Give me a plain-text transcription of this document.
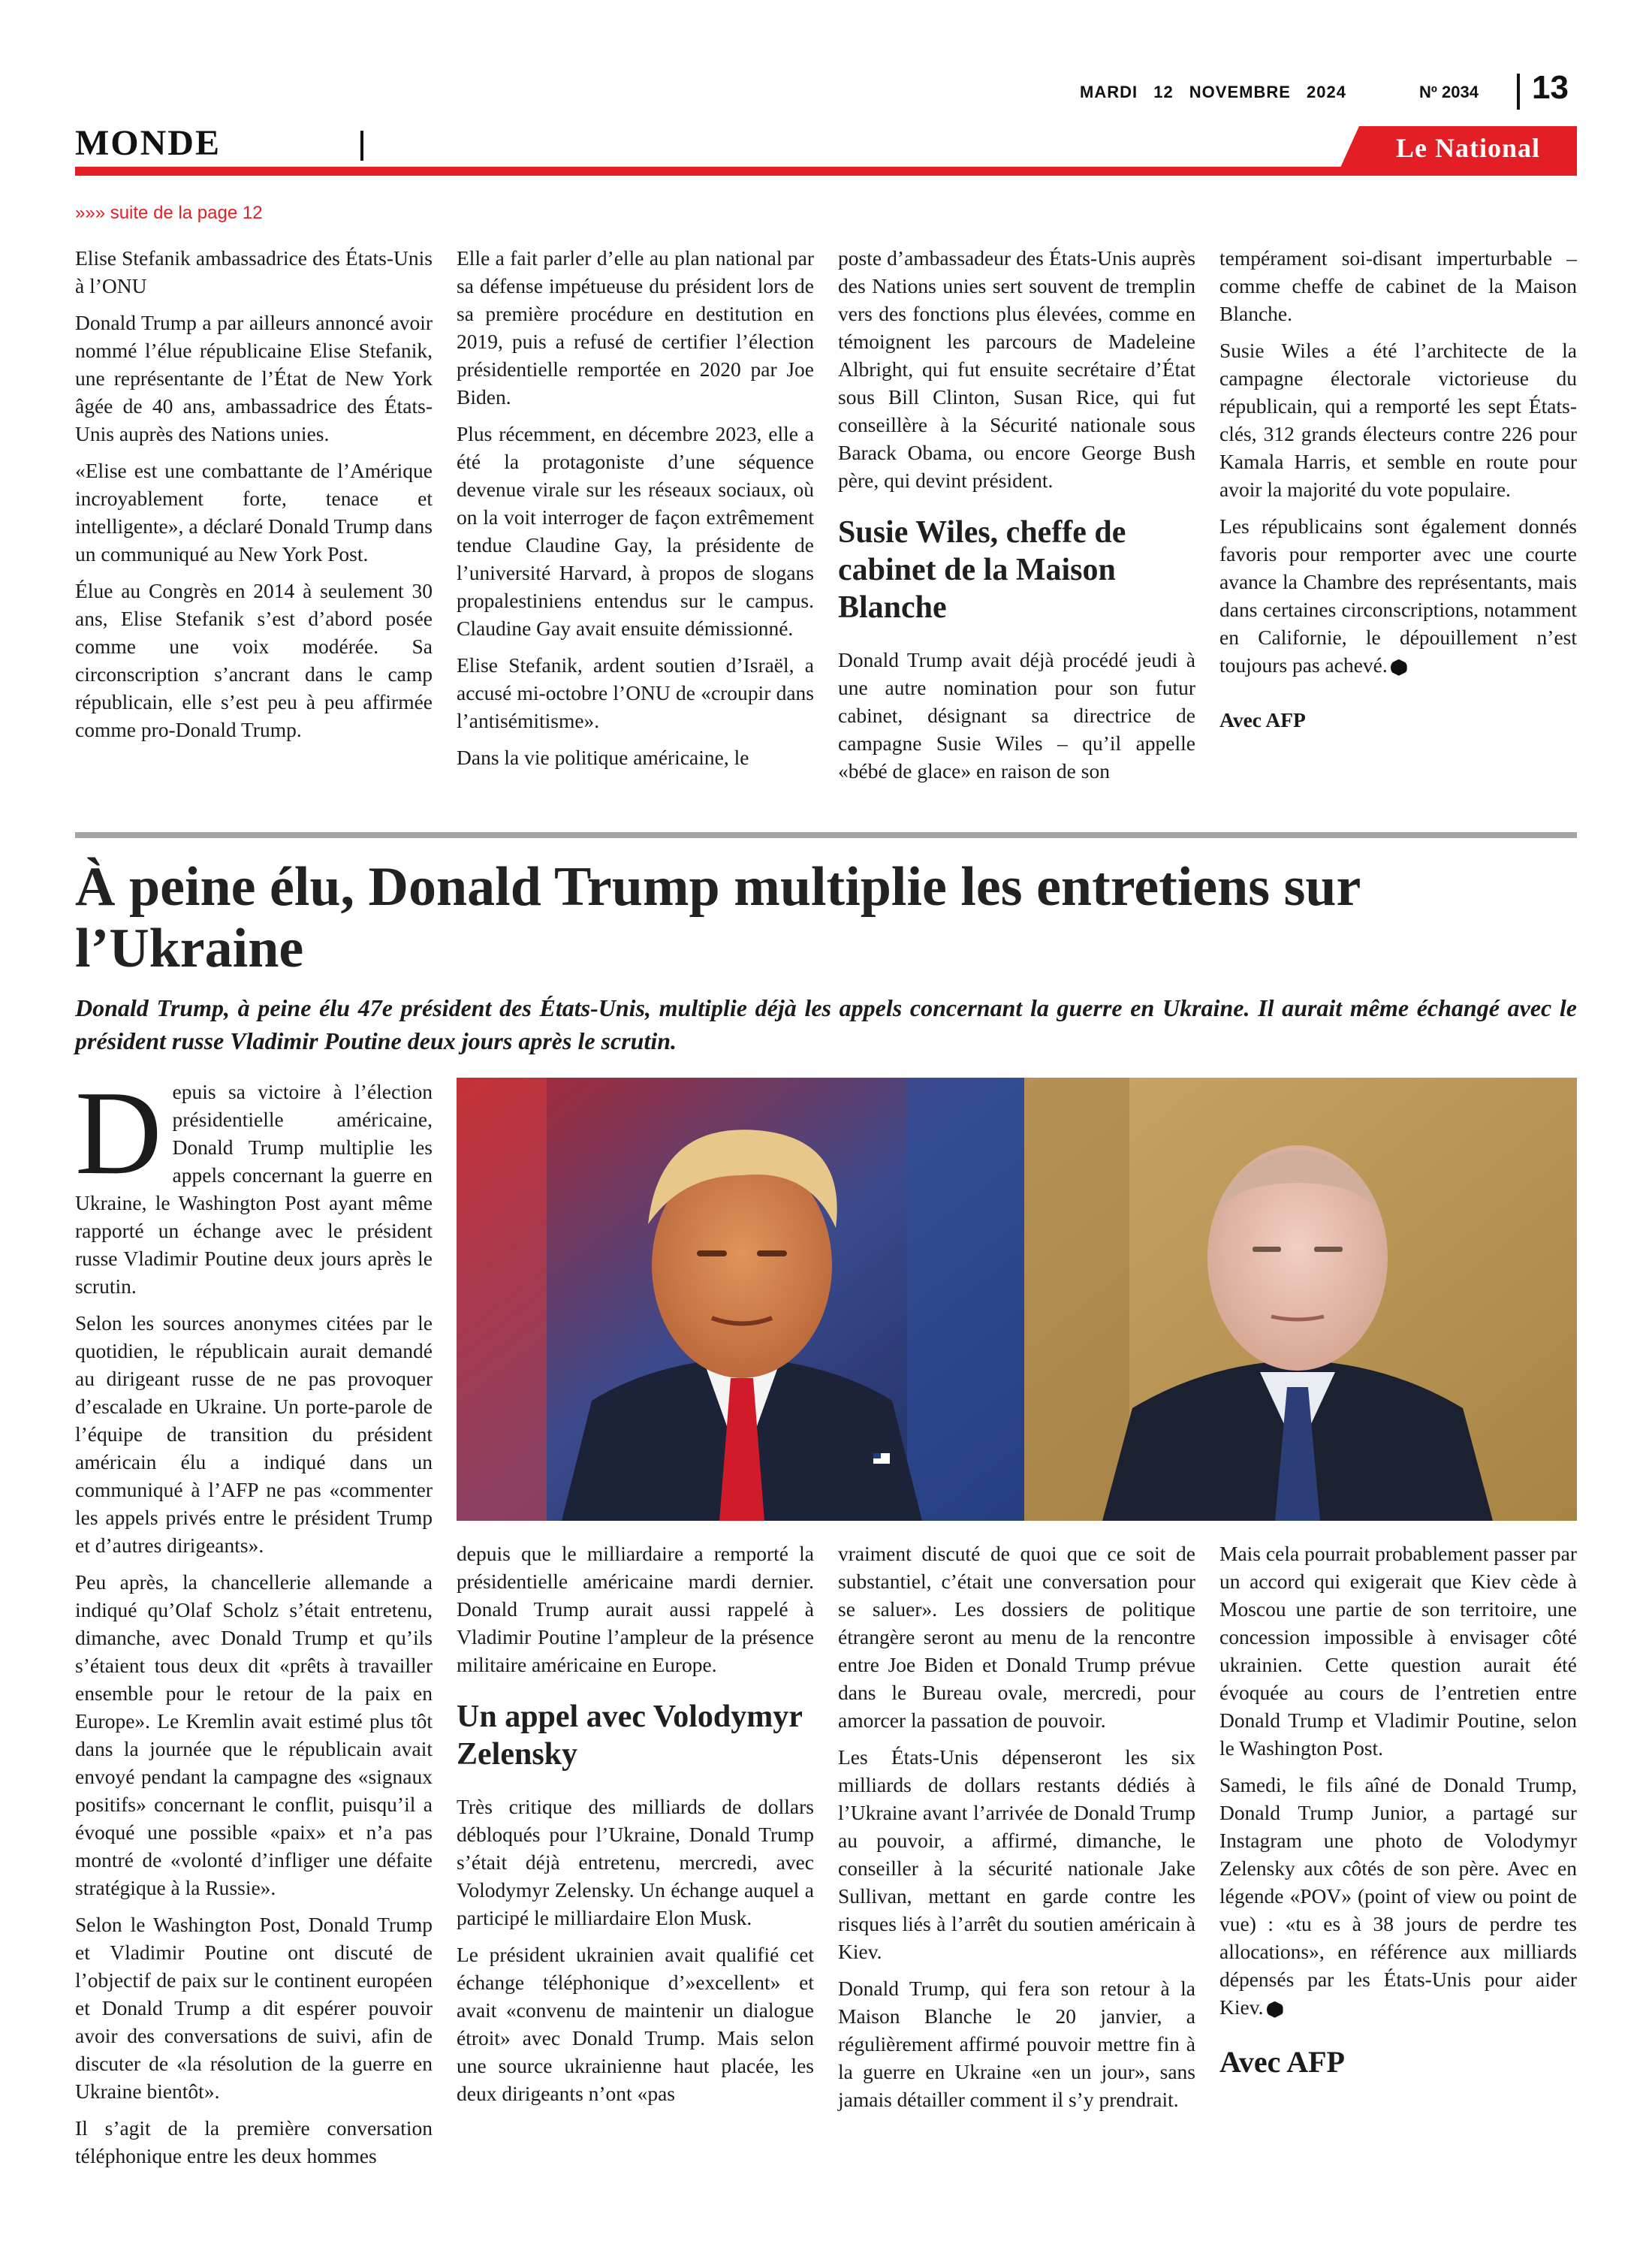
MARDI 12 NOVEMBRE 2024	Nº 2034 13
MONDE	Le National
»»» suite de la page 12

Elise Stefanik ambassadrice des États-Unis à l’ONU

Donald Trump a par ailleurs annoncé avoir nommé l’élue républicaine Elise Stefanik, une représentante de l’État de New York âgée de 40 ans, ambassadrice des États-Unis auprès des Nations unies.

«Elise est une combattante de l’Amérique incroyablement forte, tenace et intelligente», a déclaré Donald Trump dans un communiqué au New York Post.

Élue au Congrès en 2014 à seulement 30 ans, Elise Stefanik s’est d’abord posée comme une voix modérée. Sa circonscription s’ancrant dans le camp républicain, elle s’est peu à peu affirmée comme pro-Donald Trump.

Elle a fait parler d’elle au plan national par sa défense impétueuse du président lors de sa première procédure en destitution en 2019, puis a refusé de certifier l’élection présidentielle remportée en 2020 par Joe Biden.

Plus récemment, en décembre 2023, elle a été la protagoniste d’une séquence devenue virale sur les réseaux sociaux, où on la voit interroger de façon extrêmement tendue Claudine Gay, la présidente de l’université Harvard, à propos de slogans propalestiniens entendus sur le campus. Claudine Gay avait ensuite démissionné.

Elise Stefanik, ardent soutien d’Israël, a accusé mi-octobre l’ONU de «croupir dans l’antisémitisme».

Dans la vie politique américaine, le

poste d’ambassadeur des États-Unis auprès des Nations unies sert souvent de tremplin vers des fonctions plus élevées, comme en témoignent les parcours de Madeleine Albright, qui fut ensuite secrétaire d’État sous Bill Clinton, Susan Rice, qui fut conseillère à la Sécurité nationale sous Barack Obama, ou encore George Bush père, qui devint président.

Susie Wiles, cheffe de cabinet de la Maison Blanche

Donald Trump avait déjà procédé jeudi à une autre nomination pour son futur cabinet, désignant sa directrice de campagne Susie Wiles – qu’il appelle «bébé de glace» en raison de son

tempérament soi-disant imperturbable – comme cheffe de cabinet de la Maison Blanche.

Susie Wiles a été l’architecte de la campagne électorale victorieuse du républicain, qui a remporté les sept États-clés, 312 grands électeurs contre 226 pour Kamala Harris, et semble en route pour avoir la majorité du vote populaire.

Les républicains sont également donnés favoris pour remporter avec une courte avance la Chambre des représentants, mais dans certaines circonscriptions, notamment en Californie, le dépouillement n’est toujours pas achevé.

Avec AFP

À peine élu, Donald Trump multiplie les entretiens sur l’Ukraine

Donald Trump, à peine élu 47e président des États-Unis, multiplie déjà les appels concernant la guerre en Ukraine. Il aurait même échangé avec le président russe Vladimir Poutine deux jours après le scrutin.

Depuis sa victoire à l’élection présidentielle américaine, Donald Trump multiplie les appels concernant la guerre en Ukraine, le Washington Post ayant même rapporté un échange avec le président russe Vladimir Poutine deux jours après le scrutin.

Selon les sources anonymes citées par le quotidien, le républicain aurait demandé au dirigeant russe de ne pas provoquer d’escalade en Ukraine. Un porte-parole de l’équipe de transition du président américain élu a indiqué dans un communiqué à l’AFP ne pas «commenter les appels privés entre le président Trump et d’autres dirigeants».

Peu après, la chancellerie allemande a indiqué qu’Olaf Scholz s’était entretenu, dimanche, avec Donald Trump et qu’ils s’étaient tous deux dit «prêts à travailler ensemble pour le retour de la paix en Europe». Le Kremlin avait estimé plus tôt dans la journée que le républicain avait envoyé pendant la campagne des «signaux positifs» concernant le conflit, puisqu’il a évoqué une possible «paix» et n’a pas montré de «volonté d’infliger une défaite stratégique à la Russie».

Selon le Washington Post, Donald Trump et Vladimir Poutine ont discuté de l’objectif de paix sur le continent européen et Donald Trump a dit espérer pouvoir avoir des conversations de suivi, afin de discuter de «la résolution de la guerre en Ukraine bientôt».

Il s’agit de la première conversation téléphonique entre les deux hommes

depuis que le milliardaire a remporté la présidentielle américaine mardi dernier. Donald Trump aurait aussi rappelé à Vladimir Poutine l’ampleur de la présence militaire américaine en Europe.

Un appel avec Volodymyr Zelensky

Très critique des milliards de dollars débloqués pour l’Ukraine, Donald Trump s’était déjà entretenu, mercredi, avec Volodymyr Zelensky. Un échange auquel a participé le milliardaire Elon Musk.

Le président ukrainien avait qualifié cet échange téléphonique d’»excellent» et avait «convenu de maintenir un dialogue étroit» avec Donald Trump. Mais selon une source ukrainienne haut placée, les deux dirigeants n’ont «pas

vraiment discuté de quoi que ce soit de substantiel, c’était une conversation pour se saluer». Les dossiers de politique étrangère seront au menu de la rencontre entre Joe Biden et Donald Trump prévue dans le Bureau ovale, mercredi, pour amorcer la passation de pouvoir.

Les États-Unis dépenseront les six milliards de dollars restants dédiés à l’Ukraine avant l’arrivée de Donald Trump au pouvoir, a affirmé, dimanche, le conseiller à la sécurité nationale Jake Sullivan, mettant en garde contre les risques liés à l’arrêt du soutien américain à Kiev.

Donald Trump, qui fera son retour à la Maison Blanche le 20 janvier, a régulièrement affirmé pouvoir mettre fin à la guerre en Ukraine «en un jour», sans jamais détailler comment il s’y prendrait.

Mais cela pourrait probablement passer par un accord qui exigerait que Kiev cède à Moscou une partie de son territoire, une concession impossible à envisager côté ukrainien. Cette question aurait été évoquée au cours de l’entretien entre Donald Trump et Vladimir Poutine, selon le Washington Post.

Samedi, le fils aîné de Donald Trump, Donald Trump Junior, a partagé sur Instagram une photo de Volodymyr Zelensky aux côtés de son père. Avec en légende «POV» (point of view ou point de vue) : «tu es à 38 jours de perdre tes allocations», en référence aux milliards dépensés par les États-Unis pour aider Kiev.

Avec AFP
